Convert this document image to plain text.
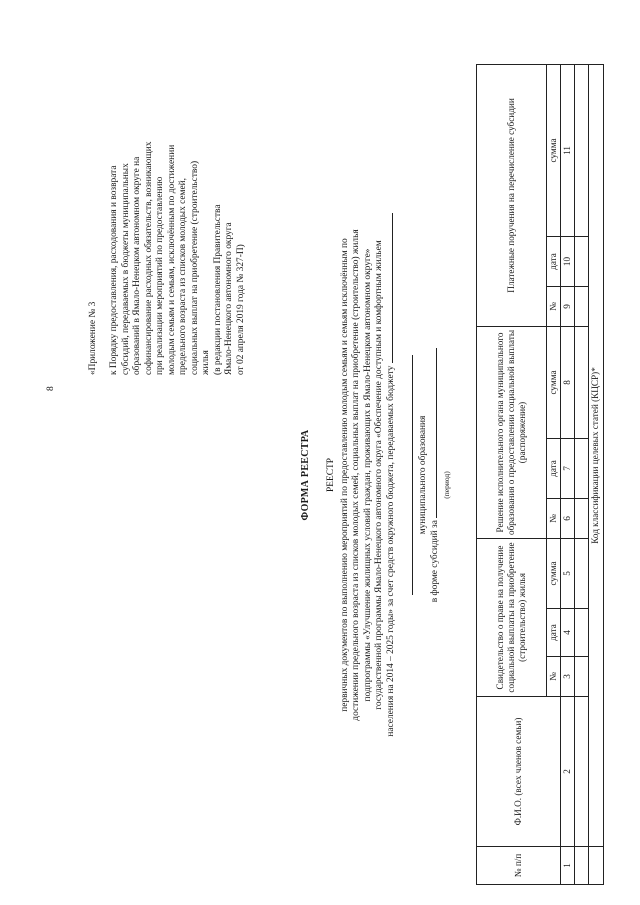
8
«Приложение № 3 к Порядку предоставления, расходования и возврата субсидий, передаваемых в бюджеты муниципальных образований в Ямало-Ненецком автономном округе на софинансирование расходных обязательств, возникающих при реализации мероприятий по предоставлению молодым семьям и семьям, исключённым по достижении предельного возраста из списков молодых семей, социальных выплат на приобретение (строительство) жилья (в редакции постановления Правительства Ямало-Ненецкого автономного округа от 02 апреля 2019 года № 327-П)

ФОРМА РЕЕСТРА РЕЕСТР первичных документов по выполнению мероприятий по предоставлению молодым семьям и семьям исключённым по достижении предельного возраста из списков молодых семей, социальных выплат на приобретение (строительство) жилья подпрограммы «Улучшение жилищных условий граждан, проживающих в Ямало-Ненецком автономном округе» государственной программы Ямало-Ненецкого автономного округа «Обеспечение доступным и комфортным жильем населения на 2014 – 2025 годы» за счет средств окружного бюджета, передаваемых бюджету муниципального образования
в форме субсидий за
(период)
№ п/п	Ф.И.О. (всех членов семьи)	Свидетельство о праве на получение социальной выплаты на приобретение (строительство) жилья			Решение исполнительного органа муниципального образования о предоставлении социальной выплаты (распоряжение)			Платежные поручения на перечисление субсидии		
		№	дата	сумма	№	дата	сумма	№	дата	сумма
1	2	3	4	5	6	7	8	9	10	11

	Код классификации целевых статей (КЦСР)*									
